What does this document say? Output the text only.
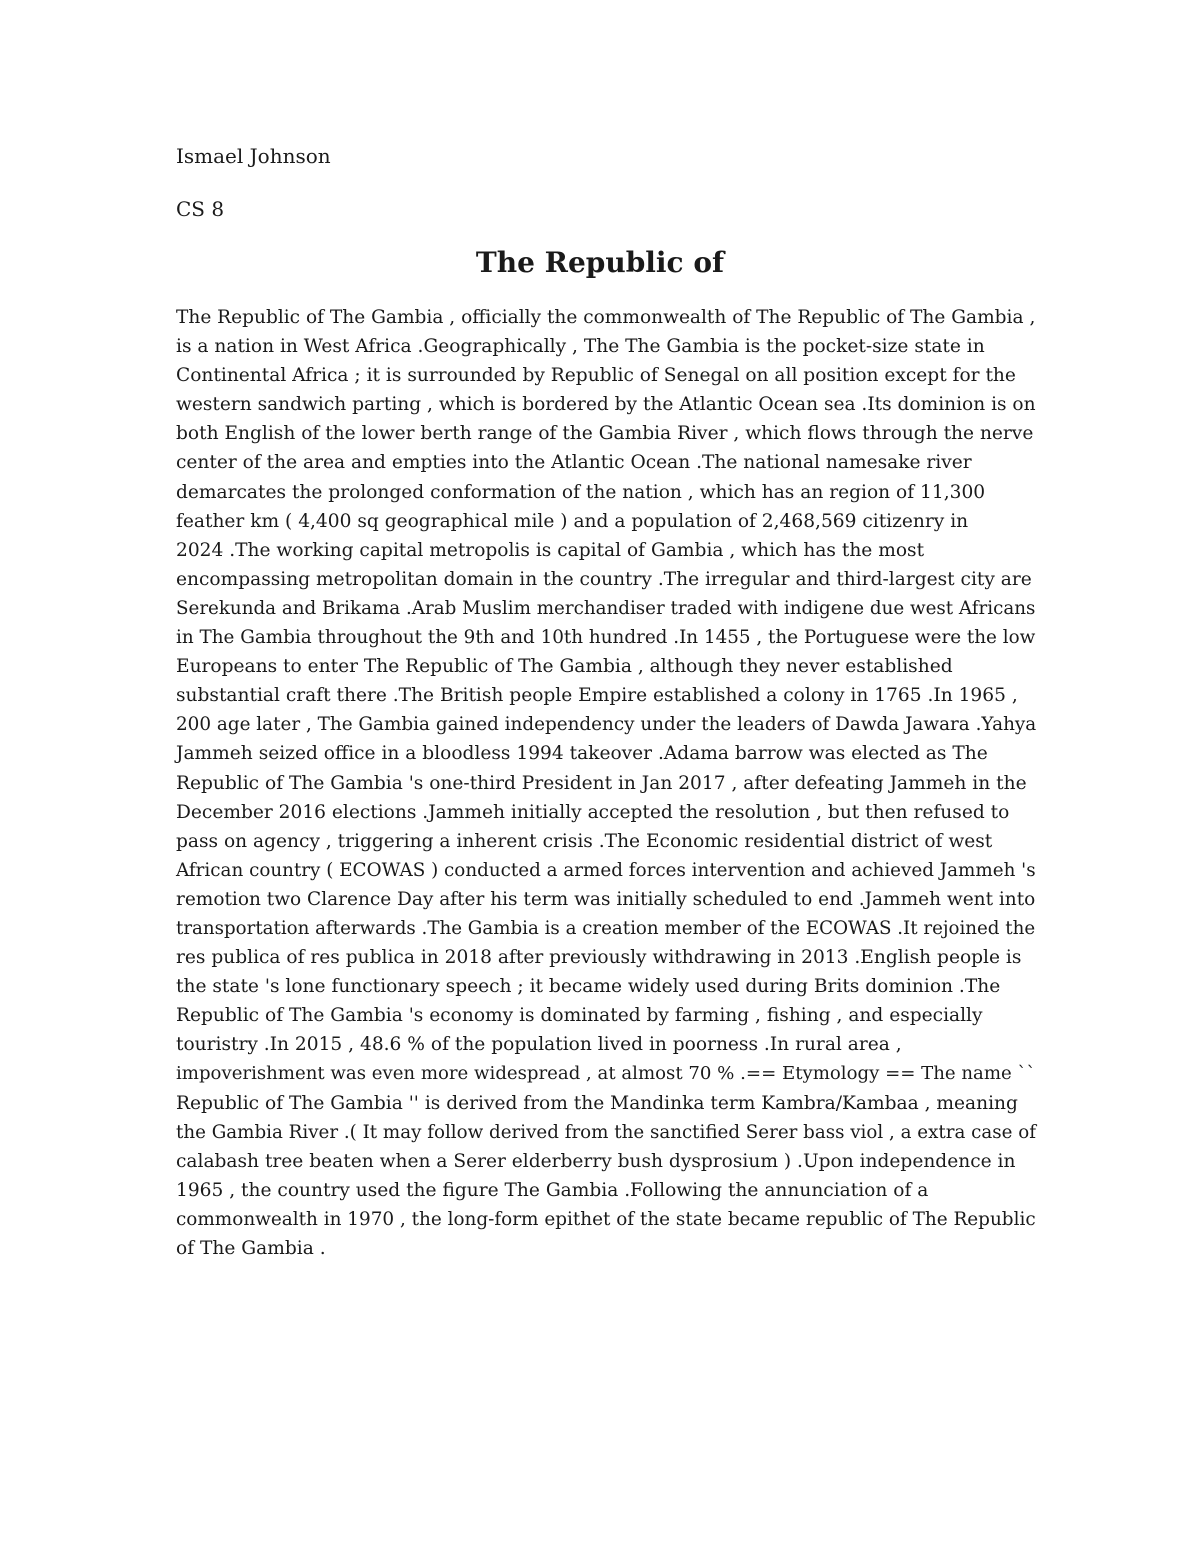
Ismael Johnson

CS 8

The Republic of
The Republic of The Gambia , officially the commonwealth of The Republic of The Gambia ,
is a nation in West Africa .Geographically , The The Gambia is the pocket-size state in
Continental Africa ; it is surrounded by Republic of Senegal on all position except for the
western sandwich parting , which is bordered by the Atlantic Ocean sea .Its dominion is on
both English of the lower berth range of the Gambia River , which flows through the nerve
center of the area and empties into the Atlantic Ocean .The national namesake river
demarcates the prolonged conformation of the nation , which has an region of 11,300
feather km ( 4,400 sq geographical mile ) and a population of 2,468,569 citizenry in
2024 .The working capital metropolis is capital of Gambia , which has the most
encompassing metropolitan domain in the country .The irregular and third-largest city are
Serekunda and Brikama .Arab Muslim merchandiser traded with indigene due west Africans
in The Gambia throughout the 9th and 10th hundred .In 1455 , the Portuguese were the low
Europeans to enter The Republic of The Gambia , although they never established
substantial craft there .The British people Empire established a colony in 1765 .In 1965 ,
200 age later , The Gambia gained independency under the leaders of Dawda Jawara .Yahya
Jammeh seized office in a bloodless 1994 takeover .Adama barrow was elected as The
Republic of The Gambia 's one-third President in Jan 2017 , after defeating Jammeh in the
December 2016 elections .Jammeh initially accepted the resolution , but then refused to
pass on agency , triggering a inherent crisis .The Economic residential district of west
African country ( ECOWAS ) conducted a armed forces intervention and achieved Jammeh 's
remotion two Clarence Day after his term was initially scheduled to end .Jammeh went into
transportation afterwards .The Gambia is a creation member of the ECOWAS .It rejoined the
res publica of res publica in 2018 after previously withdrawing in 2013 .English people is
the state 's lone functionary speech ; it became widely used during Brits dominion .The
Republic of The Gambia 's economy is dominated by farming , fishing , and especially
touristry .In 2015 , 48.6 % of the population lived in poorness .In rural area ,
impoverishment was even more widespread , at almost 70 % .== Etymology == The name ``
Republic of The Gambia '' is derived from the Mandinka term Kambra/Kambaa , meaning
the Gambia River .( It may follow derived from the sanctified Serer bass viol , a extra case of
calabash tree beaten when a Serer elderberry bush dysprosium ) .Upon independence in
1965 , the country used the figure The Gambia .Following the annunciation of a
commonwealth in 1970 , the long-form epithet of the state became republic of The Republic
of The Gambia .
